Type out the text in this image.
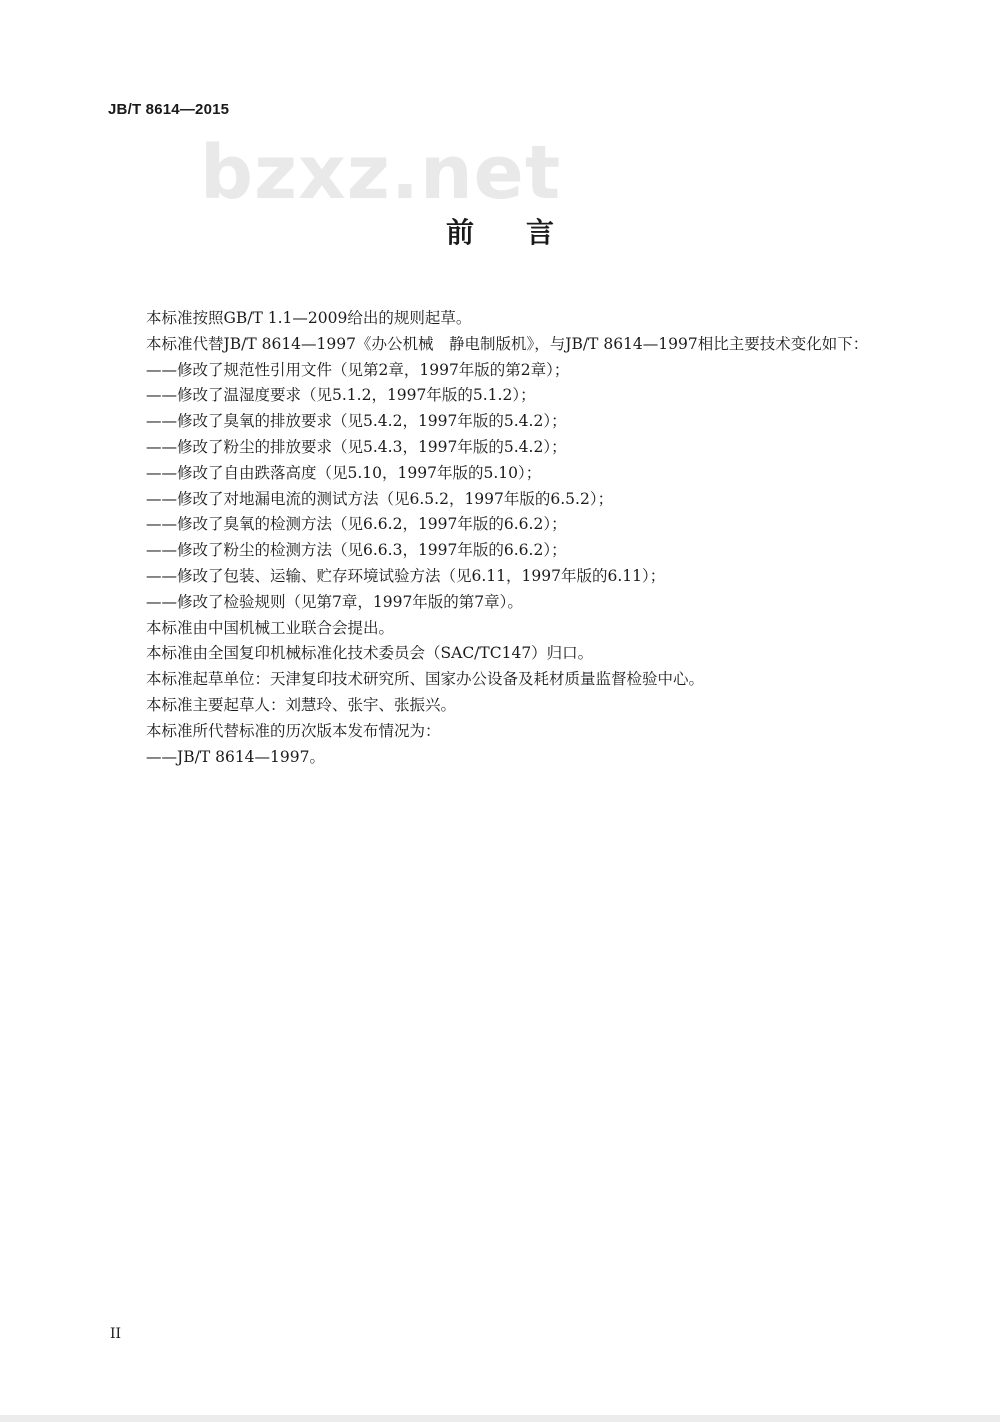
JB/T 8614—2015
bzxz.net
前言
本标准按照GB/T 1.1—2009给出的规则起草。
本标准代替JB/T 8614—1997《办公机械　静电制版机》，与JB/T 8614—1997相比主要技术变化如下：
——修改了规范性引用文件（见第2章，1997年版的第2章）；
——修改了温湿度要求（见5.1.2，1997年版的5.1.2）；
——修改了臭氧的排放要求（见5.4.2，1997年版的5.4.2）；
——修改了粉尘的排放要求（见5.4.3，1997年版的5.4.2）；
——修改了自由跌落高度（见5.10，1997年版的5.10）；
——修改了对地漏电流的测试方法（见6.5.2，1997年版的6.5.2）；
——修改了臭氧的检测方法（见6.6.2，1997年版的6.6.2）；
——修改了粉尘的检测方法（见6.6.3，1997年版的6.6.2）；
——修改了包装、运输、贮存环境试验方法（见6.11，1997年版的6.11）；
——修改了检验规则（见第7章，1997年版的第7章）。
本标准由中国机械工业联合会提出。
本标准由全国复印机械标准化技术委员会（SAC/TC147）归口。
本标准起草单位：天津复印技术研究所、国家办公设备及耗材质量监督检验中心。
本标准主要起草人：刘慧玲、张宇、张振兴。
本标准所代替标准的历次版本发布情况为：
——JB/T 8614—1997。
II
